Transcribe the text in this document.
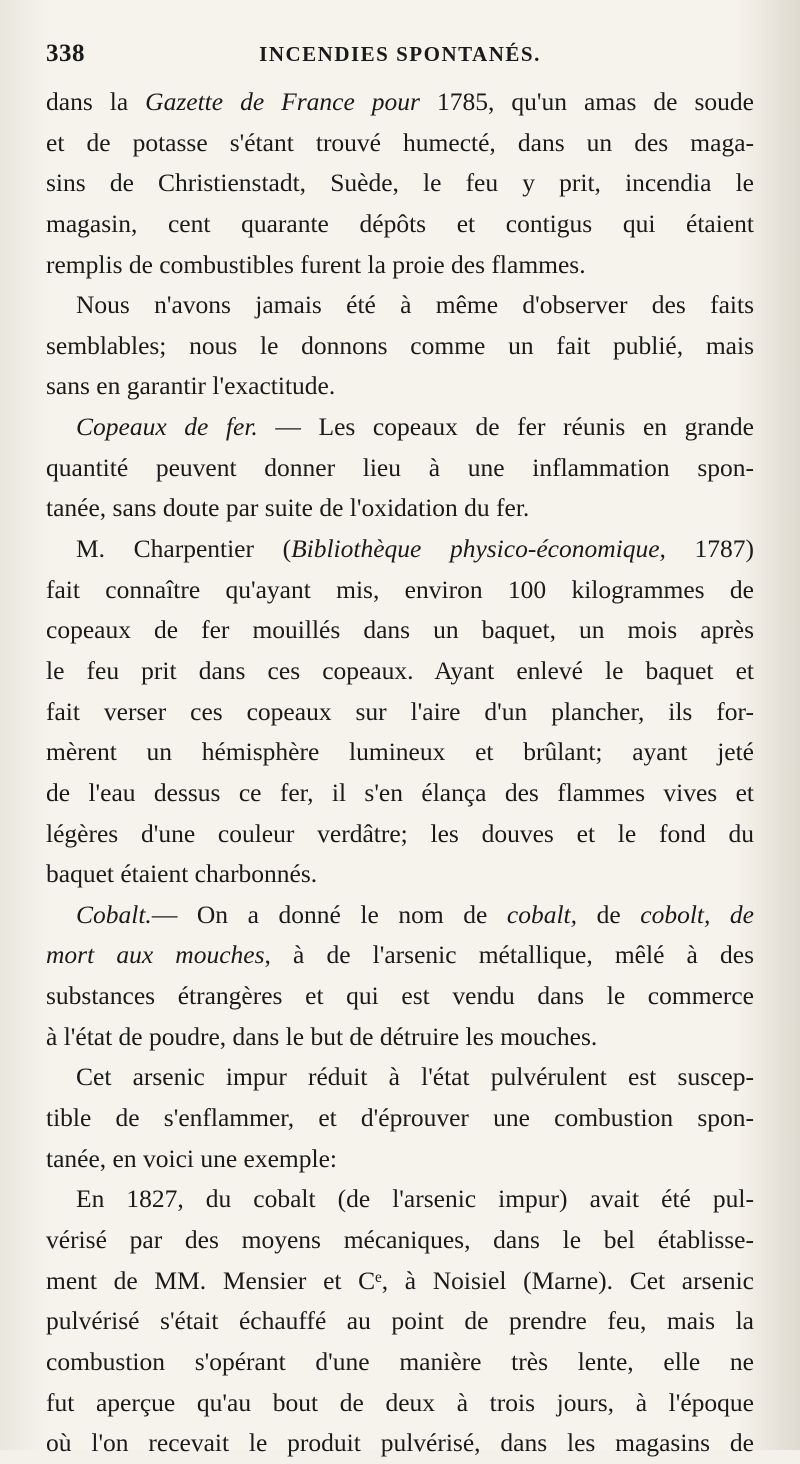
338	INCENDIES SPONTANÉS.
dans la Gazette de France pour 1785, qu'un amas de soude
et de potasse s'étant trouvé humecté, dans un des maga-
sins de Christienstadt, Suède, le feu y prit, incendia le
magasin, cent quarante dépôts et contigus qui étaient
remplis de combustibles furent la proie des flammes.
Nous n'avons jamais été à même d'observer des faits
semblables; nous le donnons comme un fait publié, mais
sans en garantir l'exactitude.
Copeaux de fer. — Les copeaux de fer réunis en grande
quantité peuvent donner lieu à une inflammation spon-
tanée, sans doute par suite de l'oxidation du fer.
M. Charpentier (Bibliothèque physico-économique, 1787)
fait connaître qu'ayant mis, environ 100 kilogrammes de
copeaux de fer mouillés dans un baquet, un mois après
le feu prit dans ces copeaux. Ayant enlevé le baquet et
fait verser ces copeaux sur l'aire d'un plancher, ils for-
mèrent un hémisphère lumineux et brûlant; ayant jeté
de l'eau dessus ce fer, il s'en élança des flammes vives et
légères d'une couleur verdâtre; les douves et le fond du
baquet étaient charbonnés.
Cobalt.— On a donné le nom de cobalt, de cobolt, de
mort aux mouches, à de l'arsenic métallique, mêlé à des
substances étrangères et qui est vendu dans le commerce
à l'état de poudre, dans le but de détruire les mouches.
Cet arsenic impur réduit à l'état pulvérulent est suscep-
tible de s'enflammer, et d'éprouver une combustion spon-
tanée, en voici une exemple:
En 1827, du cobalt (de l'arsenic impur) avait été pul-
vérisé par des moyens mécaniques, dans le bel établisse-
ment de MM. Mensier et Cᵉ, à Noisiel (Marne). Cet arsenic
pulvérisé s'était échauffé au point de prendre feu, mais la
combustion s'opérant d'une manière très lente, elle ne
fut aperçue qu'au bout de deux à trois jours, à l'époque
où l'on recevait le produit pulvérisé, dans les magasins de
